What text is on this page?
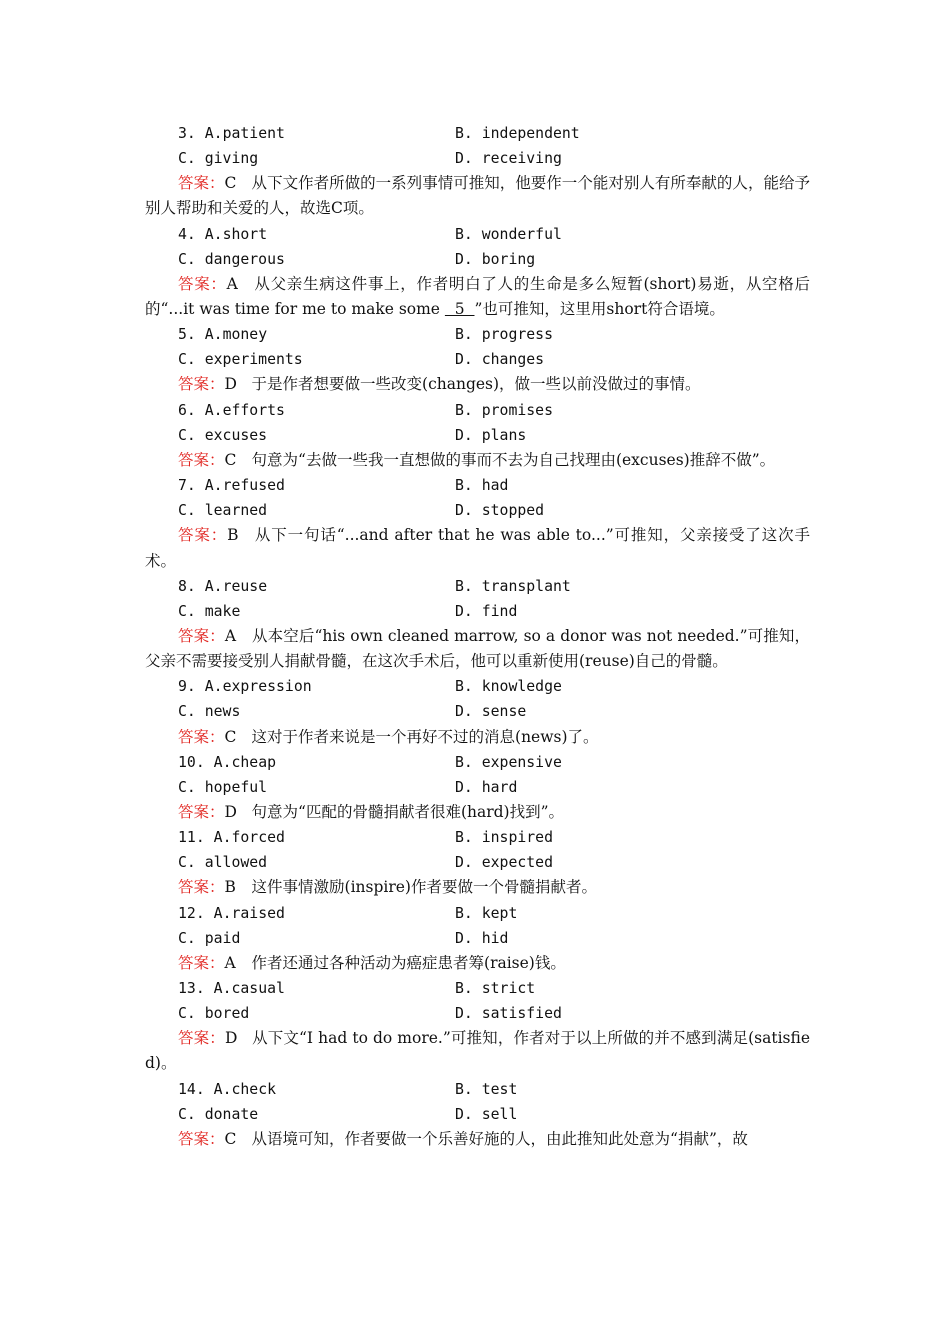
3. A.patient	B. independent
C. giving	D. receiving

答案：C 从下文作者所做的一系列事情可推知，他要作一个能对别人有所奉献的人，能给予别人帮助和关爱的人，故选C项。

4. A.short	B. wonderful
C. dangerous	D. boring

答案：A 从父亲生病这件事上，作者明白了人的生命是多么短暂(short)易逝，从空格后的“...it was time for me to make some   5  ”也可推知，这里用short符合语境。

5. A.money	B. progress
C. experiments	D. changes

答案：D 于是作者想要做一些改变(changes)，做一些以前没做过的事情。

6. A.efforts	B. promises
C. excuses	D. plans

答案：C 句意为“去做一些我一直想做的事而不去为自己找理由(excuses)推辞不做”。

7. A.refused	B. had
C. learned	D. stopped

答案：B 从下一句话“...and after that he was able to...”可推知，父亲接受了这次手术。

8. A.reuse	B. transplant
C. make	D. find

答案：A 从本空后“his own cleaned marrow, so a donor was not needed.”可推知，父亲不需要接受别人捐献骨髓，在这次手术后，他可以重新使用(reuse)自己的骨髓。

9. A.expression	B. knowledge
C. news	D. sense

答案：C 这对于作者来说是一个再好不过的消息(news)了。

10. A.cheap	B. expensive
C. hopeful	D. hard

答案：D 句意为“匹配的骨髓捐献者很难(hard)找到”。

11. A.forced	B. inspired
C. allowed	D. expected

答案：B 这件事情激励(inspire)作者要做一个骨髓捐献者。

12. A.raised	B. kept
C. paid	D. hid

答案：A 作者还通过各种活动为癌症患者筹(raise)钱。

13. A.casual	B. strict
C. bored	D. satisfied

答案：D 从下文“I had to do more.”可推知，作者对于以上所做的并不感到满足(satisfied)。

14. A.check	B. test
C. donate	D. sell

答案：C 从语境可知，作者要做一个乐善好施的人，由此推知此处意为“捐献”，故
